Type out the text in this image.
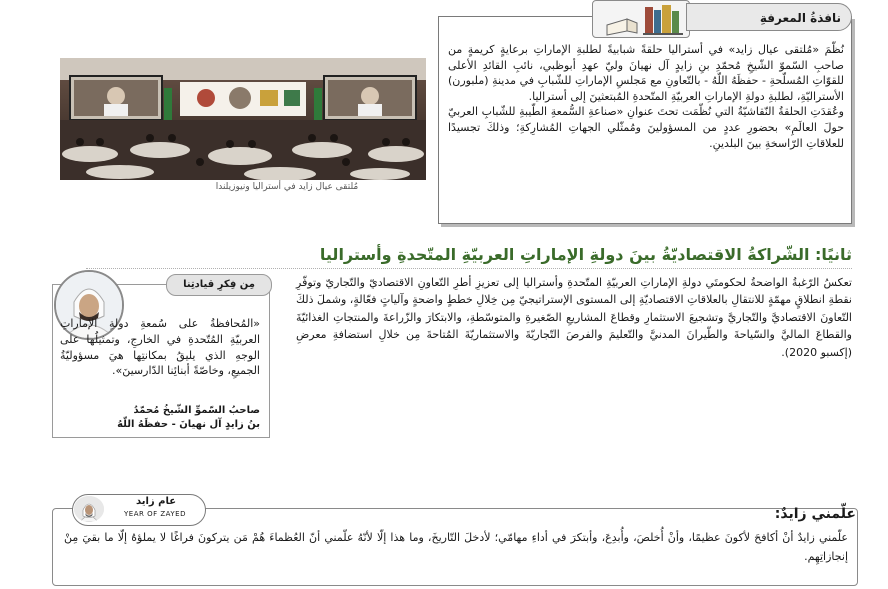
نافذةُ المعرفةِ

نُظّمَ «مُلتقى عيال زايد» في أستراليا حلقةً شبابيةً لطلبةِ الإماراتِ برعايةٍ كريمةٍ من صاحبِ السّموّ الشّيخِ مُحمّدِ بنِ زايدٍ آل نهيانَ وليّ عهدِ أبوظبي، نائبِ القائدِ الأعلى للقوّاتِ المُسلّحةِ - حفظَهُ اللّهُ - بالتّعاونِ مع مَجلسِ الإماراتِ للشّبابِ في مدينةِ (ملبورن) الأستراليّةِ، لطلبةِ دولةِ الإماراتِ العربيّةِ المتّحدةِ المُبتعثينَ إلى أستراليا.

وعُقدَتِ الحلقةُ النّقاشيّةُ التي نُظّمَت تحتَ عنوانِ «صناعةِ السُّمعةِ الطّيبةِ للشّبابِ العربيّ حولَ العالَمِ» بحضورِ عددٍ من المسؤولينَ ومُمثّلي الجهاتِ المُشارِكةِ؛ وذلكَ تجسيدًا للعلاقاتِ الرّاسخةِ بينَ البلدينِ.

مُلتقى عيال زايد في أستراليا ونيوزيلندا
ثانيًا: الشّراكةُ الاقتصاديّةُ بينَ دولةِ الإماراتِ العربيّةِ المتّحدةِ وأستراليا

تعكسُ الرّغبةُ الواضحةُ لحكومتَي دولةِ الإماراتِ العربيّةِ المتّحدةِ وأستراليا إلى تعزيزِ أطرِ التّعاونِ الاقتصاديّ والتّجاريّ وتوفّرِ نقطةِ انطلاقٍ مهمّةٍ للانتقالِ بالعلاقاتِ الاقتصاديّةِ إلى المستوى الإستراتيجيّ مِن خِلالِ خططٍ واضحةٍ وآلياتٍ فعّالةٍ، وشملَ ذلكَ التّعاونَ الاقتصاديَّ والتّجاريَّ وتشجيعَ الاستثمارِ وقطاعَ المشاريعِ الصّغيرةِ والمتوسّطةِ، والابتكارَ والزّراعةَ والمنتجاتِ الغذائيّةَ والقطاعَ الماليَّ والسّياحةَ والطّيرانَ المدنيَّ والتّعليمَ والفرصَ التّجاريّةَ والاستثماريّةَ المُتاحةَ مِن خلالِ استضافةِ معرضِ (إكسبو 2020).

مِن فِكرِ قيادتِنا
«المُحافظةُ على سُمعةِ دولةِ الإماراتِ العربيّةِ المُتّحدةِ في الخارجِ، وتمثيلُها على الوجهِ الذي يليقُ بمكانتِها هيَ مسؤوليّةُ الجميعِ، وخاصّةً أبنائِنا الدّارسينَ».
صاحبُ السّموِّ الشّيخُ مُحمّدُ
بنُ زايدٍ آل نهيانَ - حفظَهُ اللّهُ
علّمني زايدٌ:
عام زايد
YEAR OF ZAYED
علّمني زايدٌ أنْ أكافحَ لأكونَ عظيمًا، وأنْ أُخلصَ، وأُبدِعَ، وأبتكرَ في أداءِ مهامّي؛ لأدخلَ التّاريخَ، وما هذا إلّا لأنّهُ علّمني أنّ العُظماءَ هُمْ مَن يتركونَ فراغًا لا يملؤهُ إلّا ما بقيَ مِنْ إنجازاتِهِم.
